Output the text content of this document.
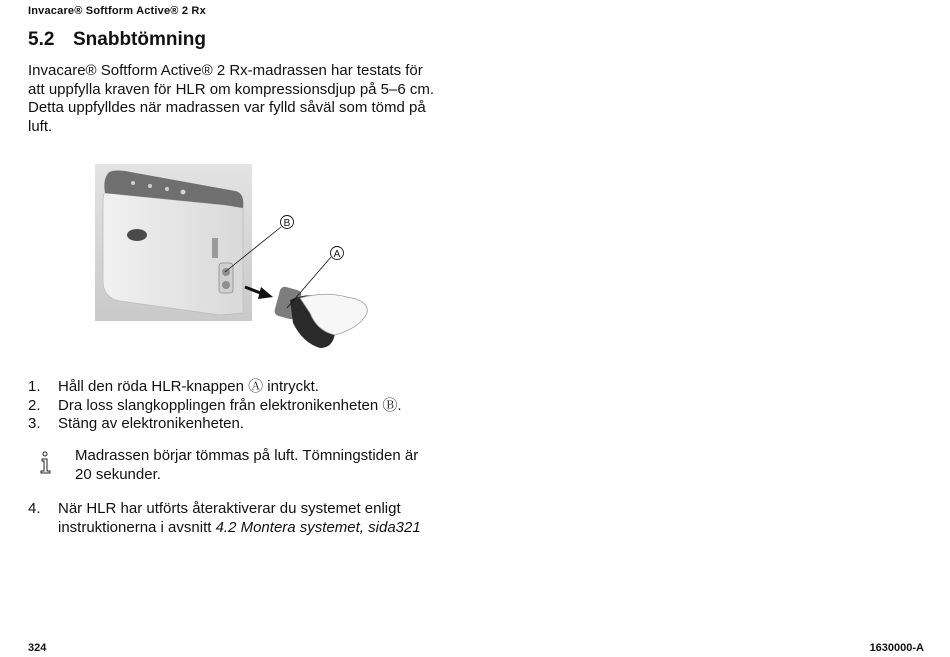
Invacare® Softform Active® 2 Rx
5.2 Snabbtömning

Invacare® Softform Active® 2 Rx-madrassen har testats för att uppfylla kraven för HLR om kompressionsdjup på 5–6 cm. Detta uppfylldes när madrassen var fylld såväl som tömd på luft.

B
A
1. Håll den röda HLR-knappen Ⓐ intryckt.
2. Dra loss slangkopplingen från elektronikenheten Ⓑ.
3. Stäng av elektronikenheten.
Madrassen börjar tömmas på luft. Tömningstiden är 20 sekunder.
4.	När HLR har utförts återaktiverar du systemet enligt instruktionerna i avsnitt 4.2 Montera systemet, sida321
324	1630000-A
